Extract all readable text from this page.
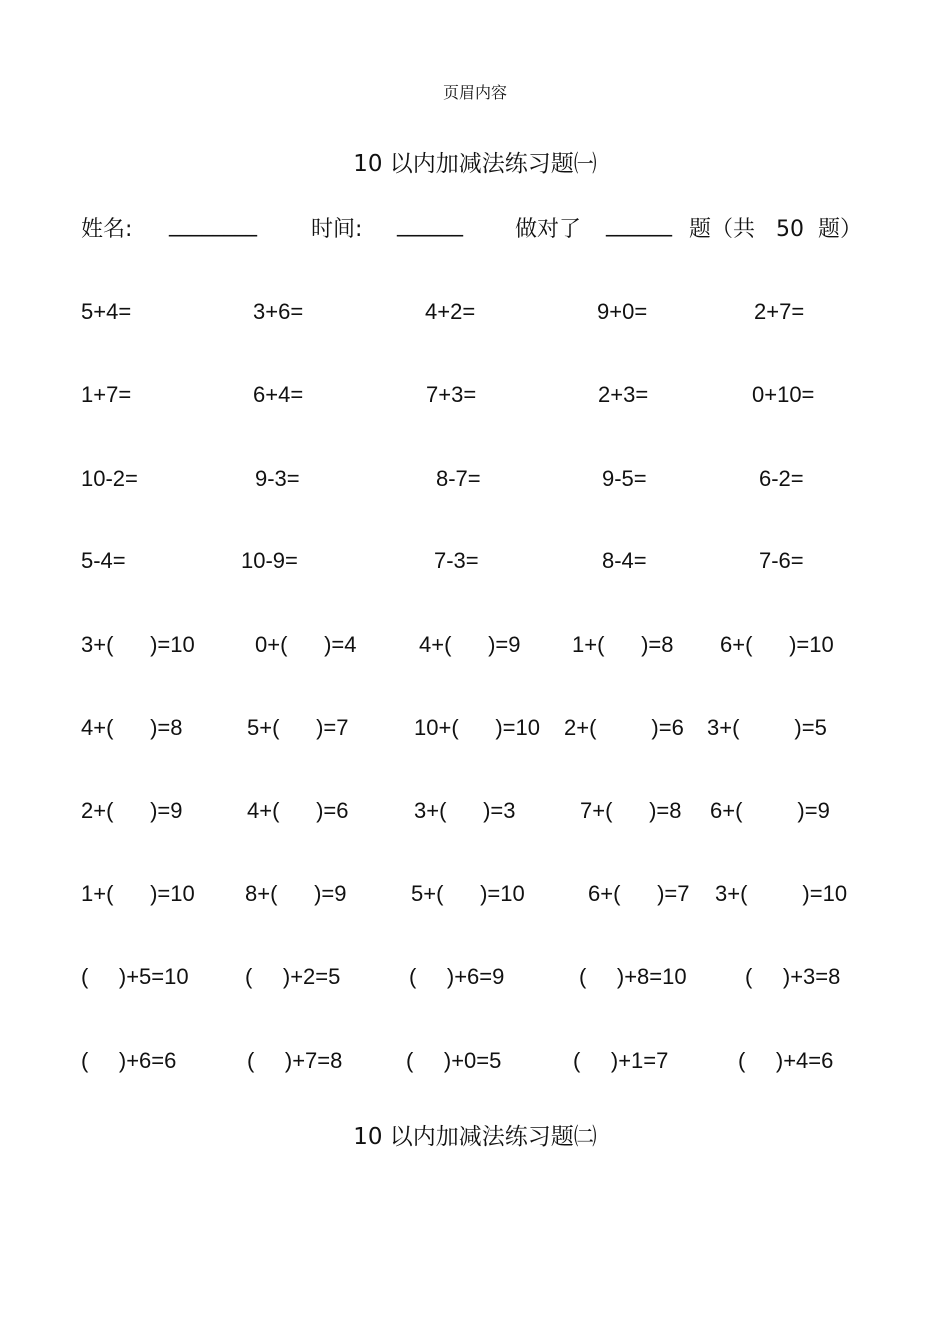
页眉内容
10 以内加减法练习题㈠
姓名: ________ 时间: ______ 做对了 ______ 题（共   50  题）
5+4=	3+6=	4+2=	9+0=	2+7=
1+7=	6+4=	7+3=	2+3=	0+10=
10-2=	9-3=	8-7=	9-5=	6-2=
5-4=	10-9=	7-3=	8-4=	7-6=
3+(      )=10	0+(      )=4	4+(      )=9 1+(      )=8 6+(      )=10
4+(      )=8	5+(      )=7	10+(      )=10 2+(         )=6 3+(         )=5
2+(      )=9	4+(      )=6	3+(      )=3	7+(      )=8 6+(         )=9
1+(      )=10 8+(      )=9	5+(      )=10	6+(      )=7 3+(         )=10
(     )+5=10	(     )+2=5	(     )+6=9	(     )+8=10	(     )+3=8
(     )+6=6	(     )+7=8	(     )+0=5	(     )+1=7	(     )+4=6
10 以内加减法练习题㈡
